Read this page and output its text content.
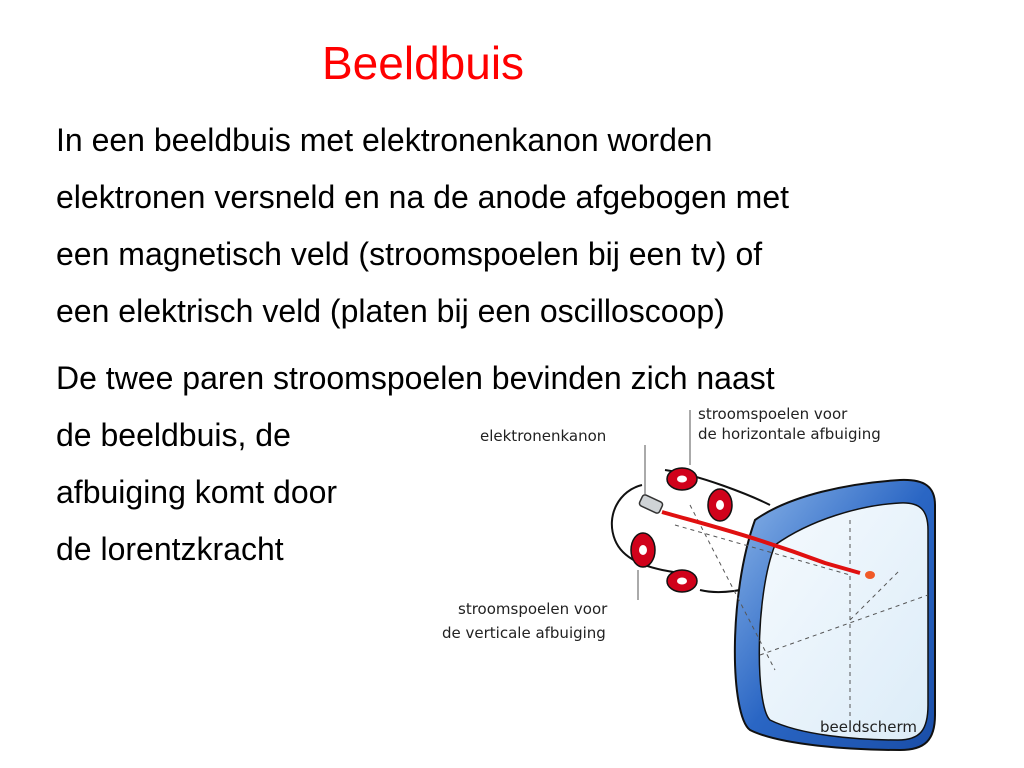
Beeldbuis

In een beeldbuis met elektronenkanon worden
elektronen versneld en na de anode afgebogen met
een magnetisch veld (stroomspoelen bij een tv) of
een elektrisch veld (platen bij een oscilloscoop)

De twee paren stroomspoelen bevinden zich naast
de beeldbuis, de
afbuiging komt door
de lorentzkracht

elektronenkanon
stroomspoelen voor
de horizontale afbuiging
stroomspoelen voor
de verticale afbuiging
beeldscherm
